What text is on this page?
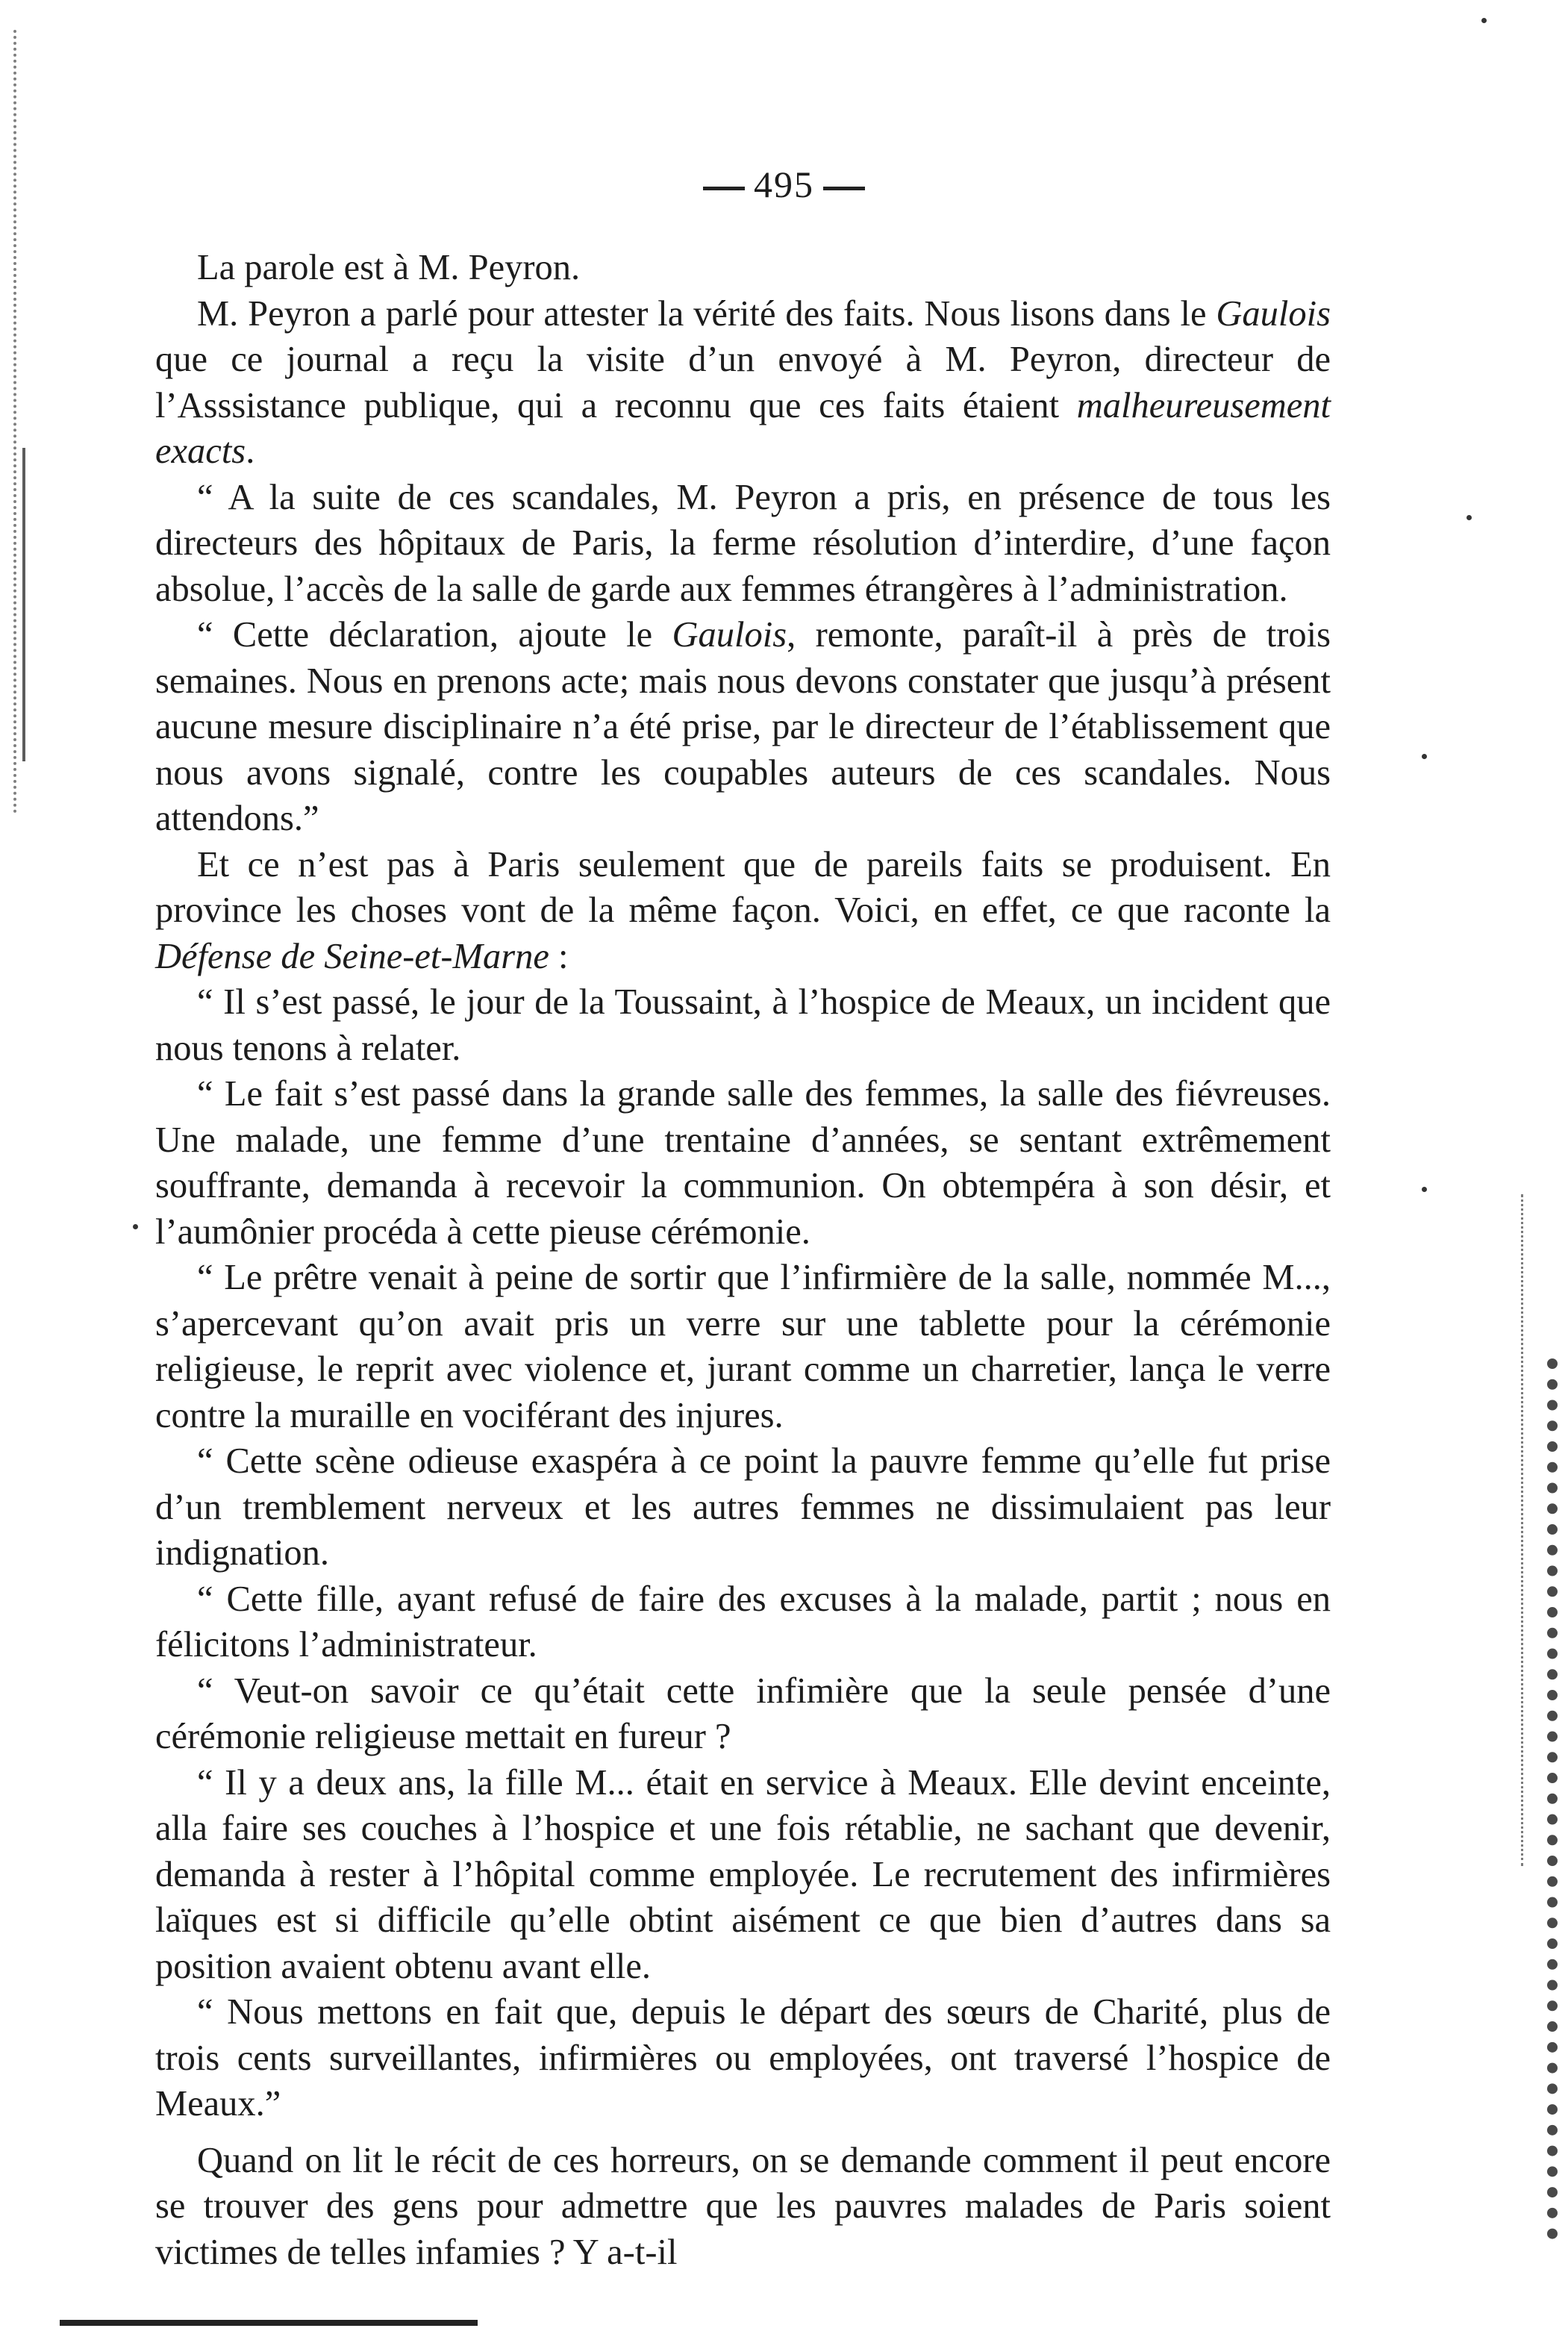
495

La parole est à M. Peyron.

M. Peyron a parlé pour attester la vérité des faits. Nous lisons dans le Gaulois que ce journal a reçu la visite d’un envoyé à M. Peyron, directeur de l’Asssistance publique, qui a reconnu que ces faits étaient malheureusement exacts.

“ A la suite de ces scandales, M. Peyron a pris, en présence de tous les directeurs des hôpitaux de Paris, la ferme résolution d’interdire, d’une façon absolue, l’accès de la salle de garde aux femmes étrangères à l’administration.

“ Cette déclaration, ajoute le Gaulois, remonte, paraît-il à près de trois semaines. Nous en prenons acte; mais nous devons constater que jusqu’à présent aucune mesure disciplinaire n’a été prise, par le directeur de l’établissement que nous avons signalé, contre les coupables auteurs de ces scandales. Nous attendons.”

Et ce n’est pas à Paris seulement que de pareils faits se produisent. En province les choses vont de la même façon. Voici, en effet, ce que raconte la Défense de Seine-et-Marne :

“ Il s’est passé, le jour de la Toussaint, à l’hospice de Meaux, un incident que nous tenons à relater.

“ Le fait s’est passé dans la grande salle des femmes, la salle des fiévreuses. Une malade, une femme d’une trentaine d’années, se sentant extrêmement souffrante, demanda à recevoir la communion. On obtempéra à son désir, et l’aumônier procéda à cette pieuse cérémonie.

“ Le prêtre venait à peine de sortir que l’infirmière de la salle, nommée M..., s’apercevant qu’on avait pris un verre sur une tablette pour la cérémonie religieuse, le reprit avec violence et, jurant comme un charretier, lança le verre contre la muraille en vociférant des injures.

“ Cette scène odieuse exaspéra à ce point la pauvre femme qu’elle fut prise d’un tremblement nerveux et les autres femmes ne dissimulaient pas leur indignation.

“ Cette fille, ayant refusé de faire des excuses à la malade, partit ; nous en félicitons l’administrateur.

“ Veut-on savoir ce qu’était cette infimière que la seule pensée d’une cérémonie religieuse mettait en fureur ?

“ Il y a deux ans, la fille M... était en service à Meaux. Elle devint enceinte, alla faire ses couches à l’hospice et une fois rétablie, ne sachant que devenir, demanda à rester à l’hôpital comme employée. Le recrutement des infirmières laïques est si difficile qu’elle obtint aisément ce que bien d’autres dans sa position avaient obtenu avant elle.

“ Nous mettons en fait que, depuis le départ des sœurs de Charité, plus de trois cents surveillantes, infirmières ou employées, ont traversé l’hospice de Meaux.”

Quand on lit le récit de ces horreurs, on se demande comment il peut encore se trouver des gens pour admettre que les pauvres malades de Paris soient victimes de telles infamies ? Y a-t-il
